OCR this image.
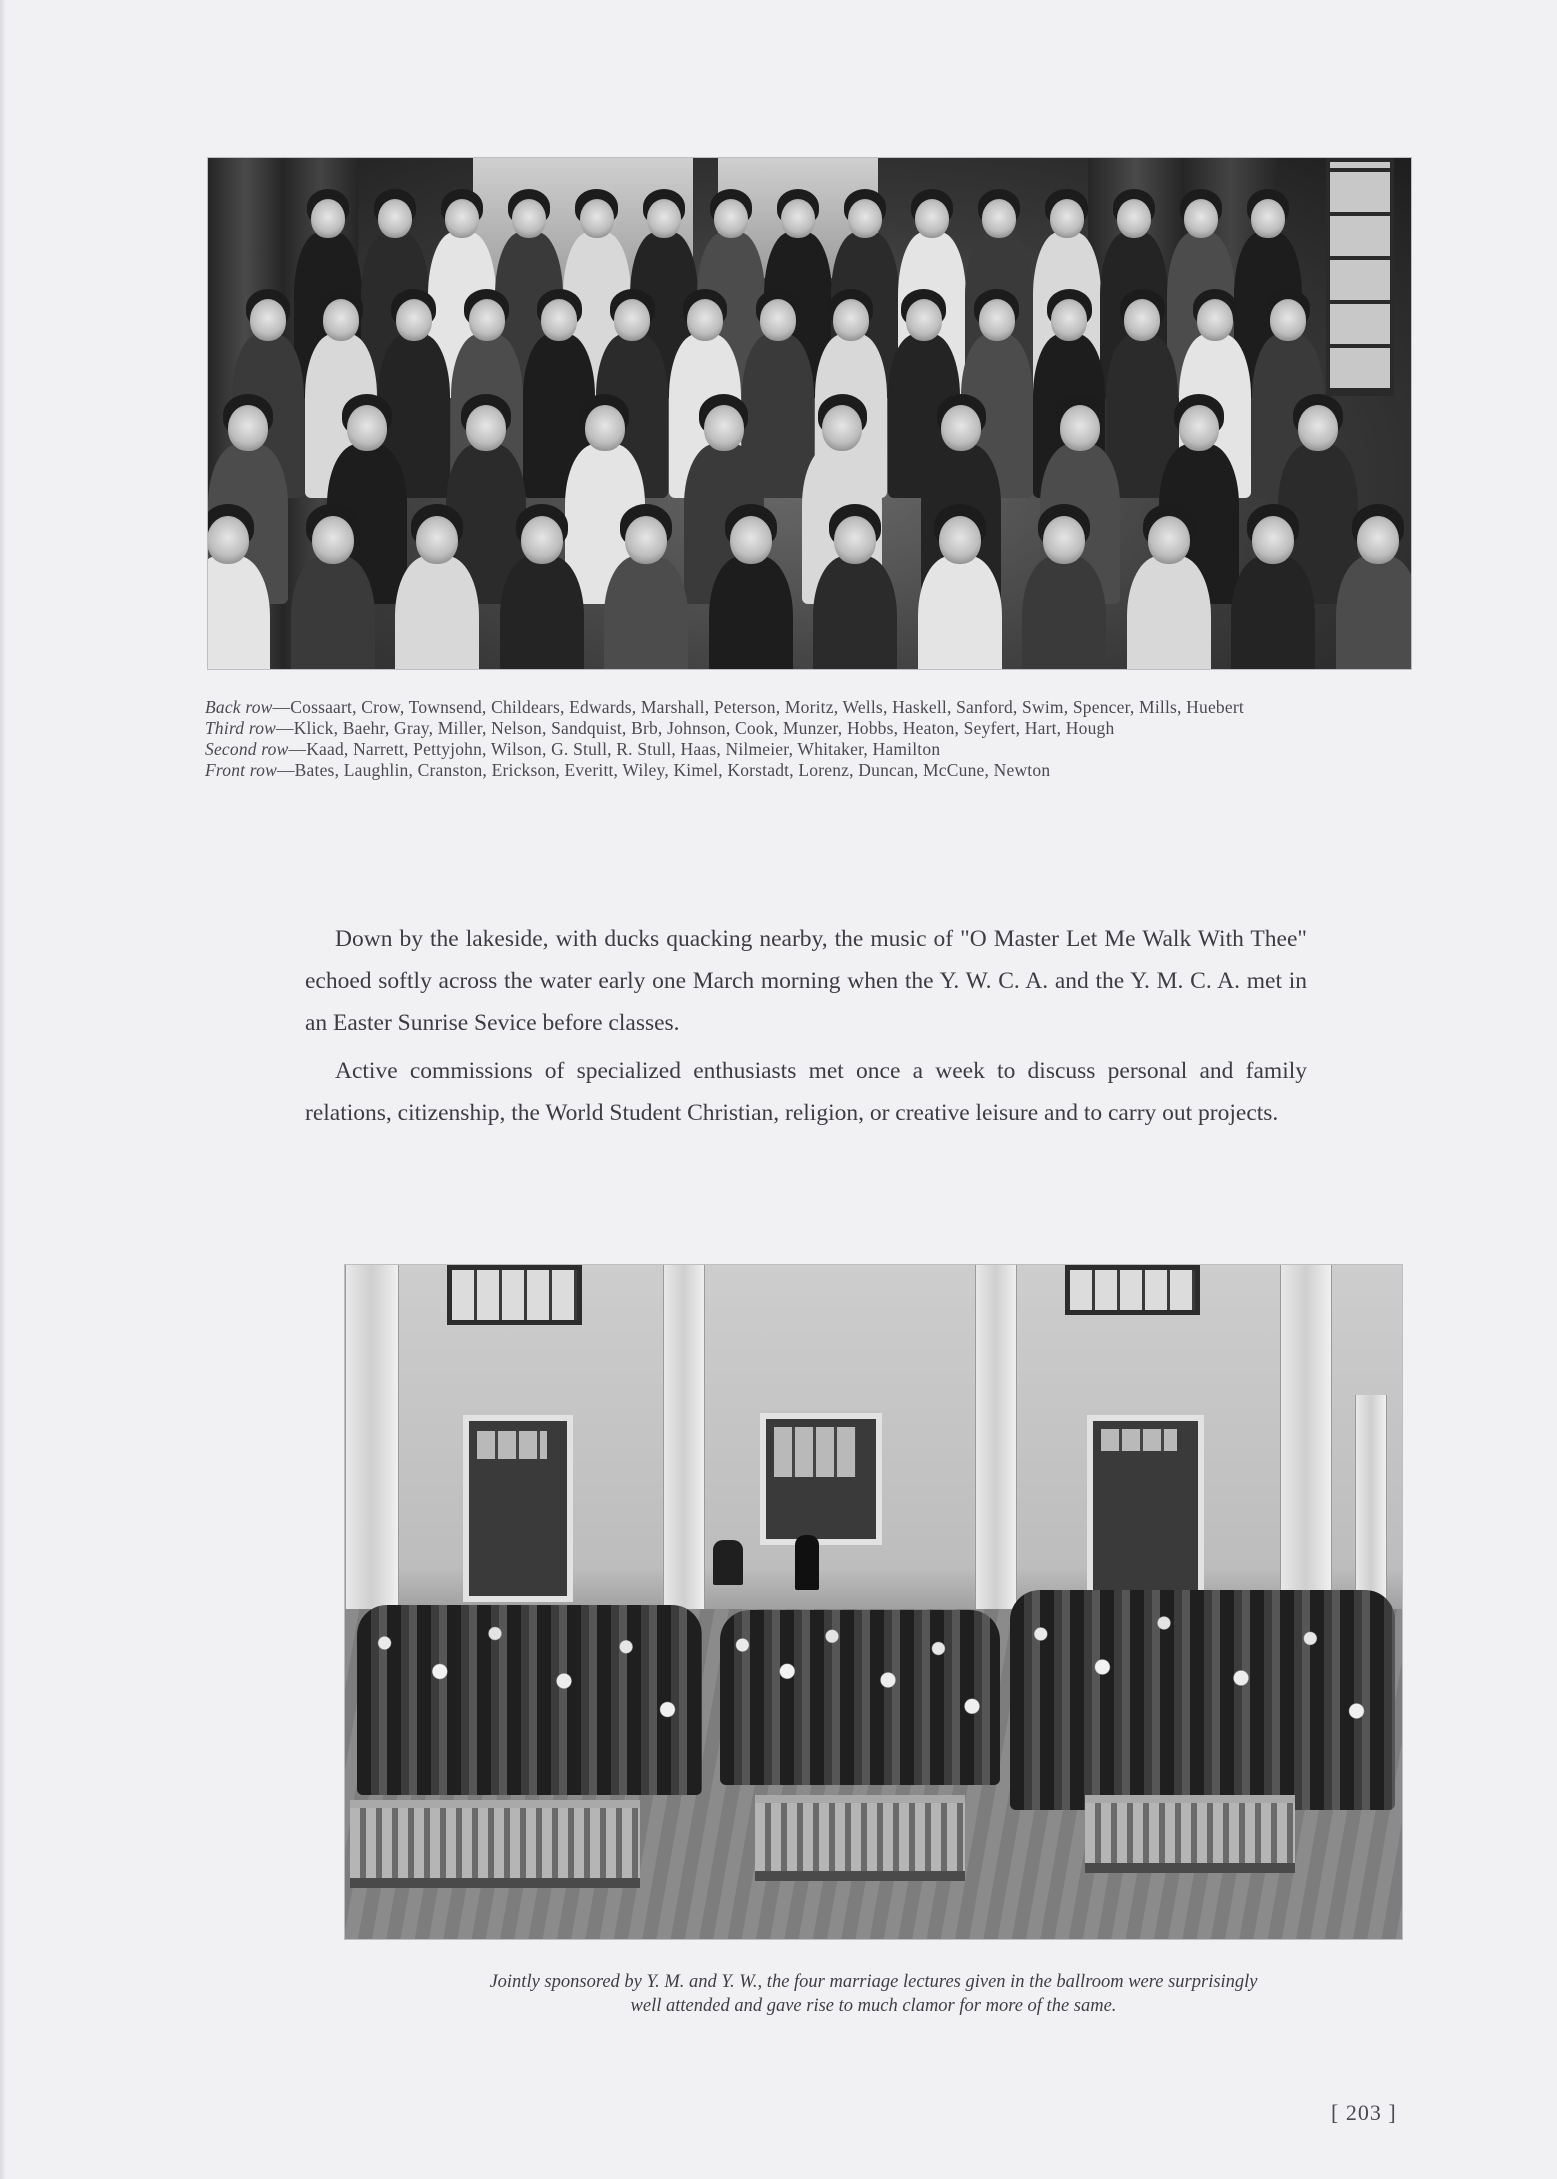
Back row—Cossaart, Crow, Townsend, Childears, Edwards, Marshall, Peterson, Moritz, Wells, Haskell, Sanford, Swim, Spencer, Mills, Huebert

Third row—Klick, Baehr, Gray, Miller, Nelson, Sandquist, Brb, Johnson, Cook, Munzer, Hobbs, Heaton, Seyfert, Hart, Hough

Second row—Kaad, Narrett, Pettyjohn, Wilson, G. Stull, R. Stull, Haas, Nilmeier, Whitaker, Hamilton

Front row—Bates, Laughlin, Cranston, Erickson, Everitt, Wiley, Kimel, Korstadt, Lorenz, Duncan, McCune, Newton

Down by the lakeside, with ducks quacking nearby, the music of "O Master Let Me Walk With Thee" echoed softly across the water early one March morning when the Y. W. C. A. and the Y. M. C. A. met in an Easter Sunrise Sevice before classes.

Active commissions of specialized enthusiasts met once a week to discuss personal and family relations, citizenship, the World Student Christian, religion, or creative leisure and to carry out projects.

Jointly sponsored by Y. M. and Y. W., the four marriage lectures given in the ballroom were surprisingly
well attended and gave rise to much clamor for more of the same.
[ 203 ]
